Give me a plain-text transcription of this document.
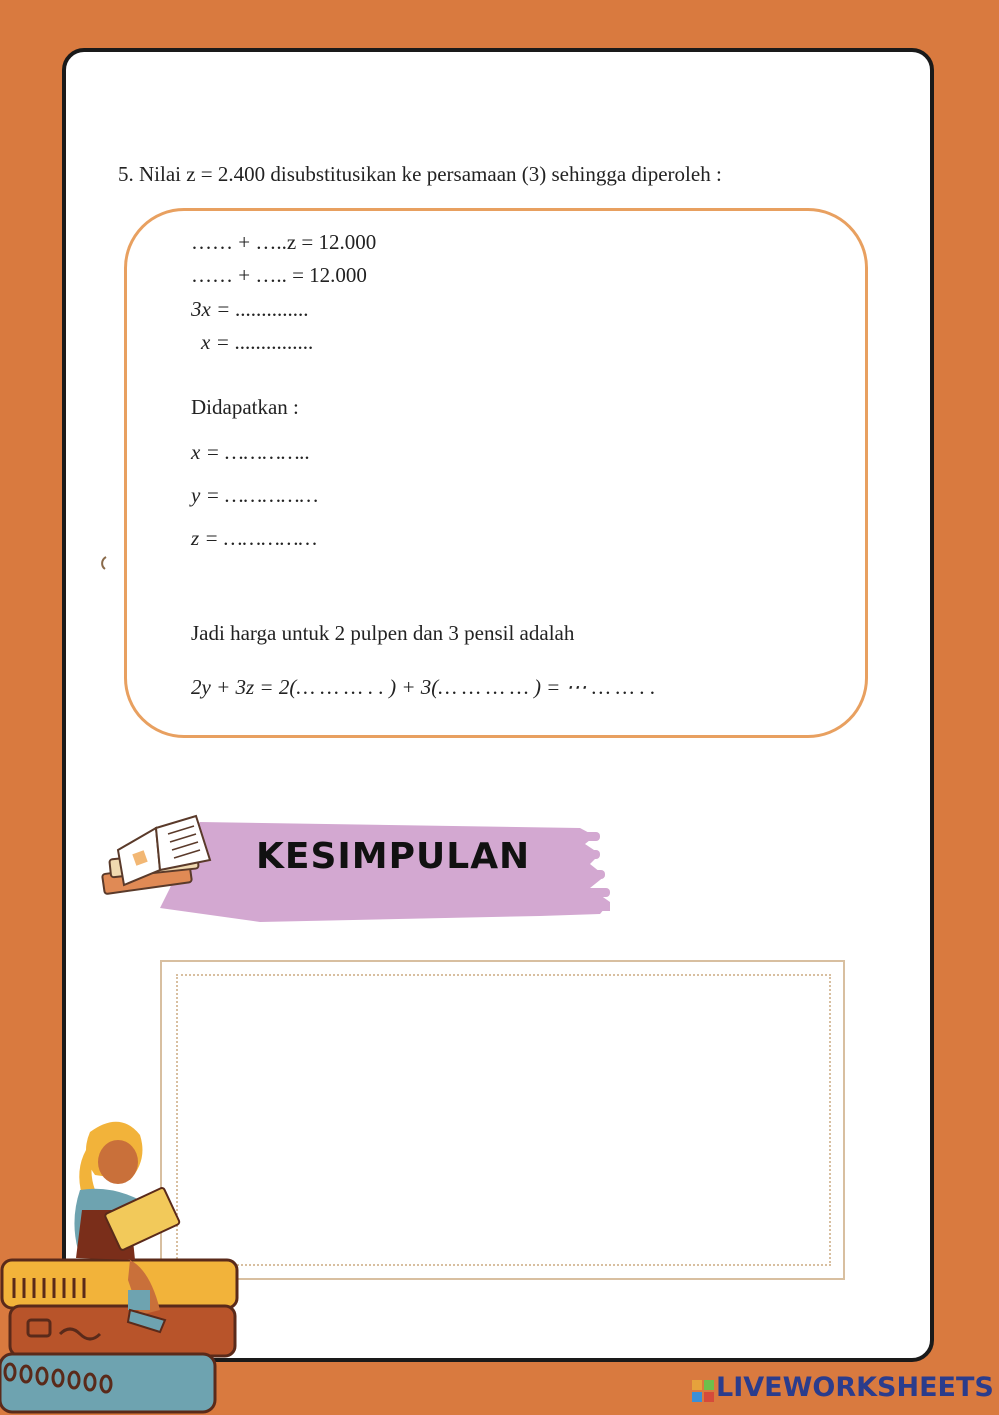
5. Nilai z = 2.400 disubstitusikan ke persamaan (3) sehingga diperoleh :
…… + …..z = 12.000
…… + ….. = 12.000
3x = ..............
x = ...............
Didapatkan :
x = …………..
y = ……………
z = ……………
Jadi harga untuk 2 pulpen dan 3 pensil adalah
2y + 3z = 2(… … … . . ) + 3(… … … … ) = ⋯ … … . .
KESIMPULAN
LIVEWORKSHEETS
